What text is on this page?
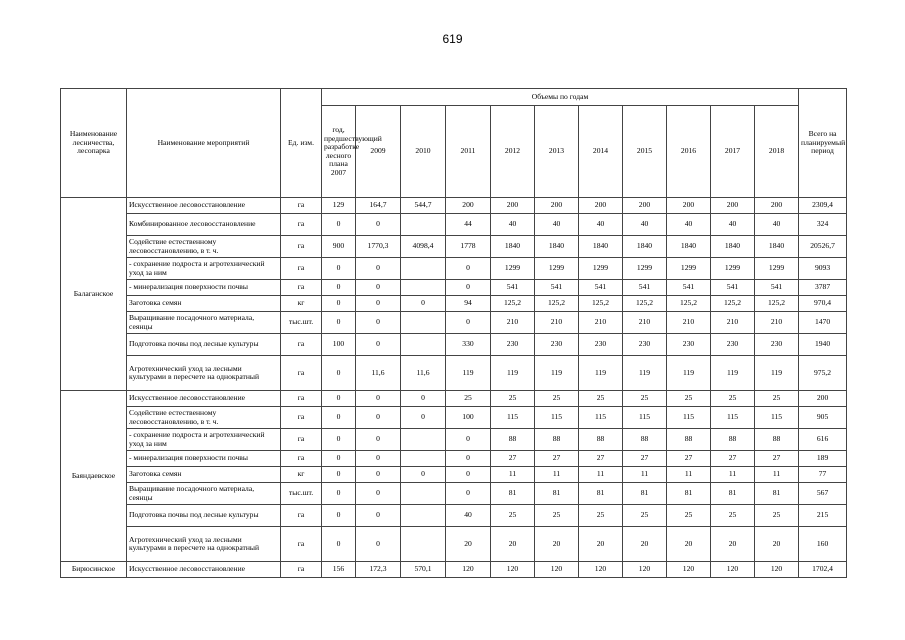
619
Наименование лесничества, лесопарка	Наименование мероприятий	Ед. изм.	Объемы по годам											Всего на планируемый период
			год, предшествующий разработке лесного плана 2007	2009	2010	2011	2012	2013	2014	2015	2016	2017	2018	
Балаганское	Искусственное лесовосстановление	га	129	164,7	544,7	200	200	200	200	200	200	200	200	2309,4
	Комбинированное лесовосстановление	га	0	0		44	40	40	40	40	40	40	40	324
	Содействие естественному лесовосстановлению, в т. ч.	га	900	1770,3	4098,4	1778	1840	1840	1840	1840	1840	1840	1840	20526,7
	- сохранение подроста и агротехнический уход за ним	га	0	0		0	1299	1299	1299	1299	1299	1299	1299	9093
	- минерализация поверхности почвы	га	0	0		0	541	541	541	541	541	541	541	3787
	Заготовка семян	кг	0	0	0	94	125,2	125,2	125,2	125,2	125,2	125,2	125,2	970,4
	Выращивание посадочного материала, сеянцы	тыс.шт.	0	0		0	210	210	210	210	210	210	210	1470
	Подготовка почвы под лесные культуры	га	100	0		330	230	230	230	230	230	230	230	1940
	Агротехнический уход за лесными культурами в пересчете на однократный	га	0	11,6	11,6	119	119	119	119	119	119	119	119	975,2
Баяндаевское	Искусственное лесовосстановление	га	0	0	0	25	25	25	25	25	25	25	25	200
	Содействие естественному лесовосстановлению, в т. ч.	га	0	0	0	100	115	115	115	115	115	115	115	905
	- сохранение подроста и агротехнический уход за ним	га	0	0		0	88	88	88	88	88	88	88	616
	- минерализация поверхности почвы	га	0	0		0	27	27	27	27	27	27	27	189
	Заготовка семян	кг	0	0	0	0	11	11	11	11	11	11	11	77
	Выращивание посадочного материала, сеянцы	тыс.шт.	0	0		0	81	81	81	81	81	81	81	567
	Подготовка почвы под лесные культуры	га	0	0		40	25	25	25	25	25	25	25	215
	Агротехнический уход за лесными культурами в пересчете на однократный	га	0	0		20	20	20	20	20	20	20	20	160
Бирюсинское	Искусственное лесовосстановление	га	156	172,3	570,1	120	120	120	120	120	120	120	120	1702,4
